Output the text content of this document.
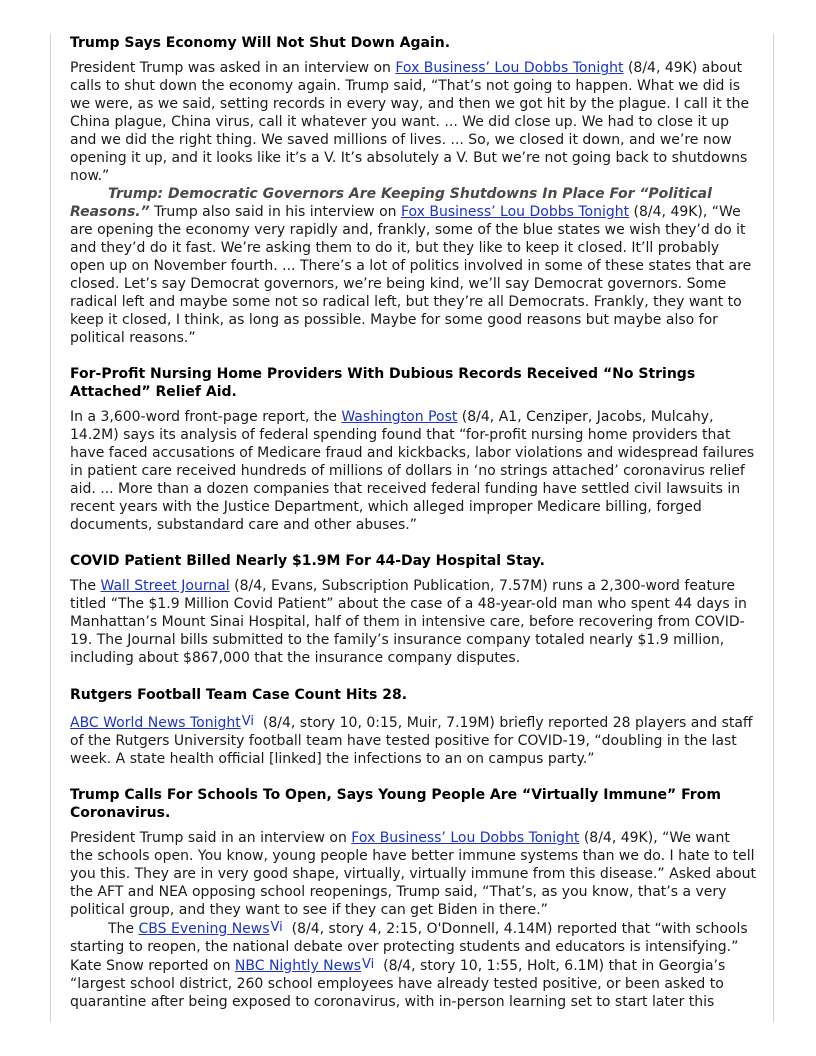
Trump Says Economy Will Not Shut Down Again.

President Trump was asked in an interview on Fox Business’ Lou Dobbs Tonight (8/4, 49K) about calls to shut down the economy again. Trump said, “That’s not going to happen. What we did is we were, as we said, setting records in every way, and then we got hit by the plague. I call it the China plague, China virus, call it whatever you want. ... We did close up. We had to close it up and we did the right thing. We saved millions of lives. ... So, we closed it down, and we’re now opening it up, and it looks like it’s a V. It’s absolutely a V. But we’re not going back to shutdowns now.”

Trump: Democratic Governors Are Keeping Shutdowns In Place For “Political Reasons.” Trump also said in his interview on Fox Business’ Lou Dobbs Tonight (8/4, 49K), “We are opening the economy very rapidly and, frankly, some of the blue states we wish they’d do it and they’d do it fast. We’re asking them to do it, but they like to keep it closed. It’ll probably open up on November fourth. ... There’s a lot of politics involved in some of these states that are closed. Let’s say Democrat governors, we’re being kind, we’ll say Democrat governors. Some radical left and maybe some not so radical left, but they’re all Democrats. Frankly, they want to keep it closed, I think, as long as possible. Maybe for some good reasons but maybe also for political reasons.”

For-Profit Nursing Home Providers With Dubious Records Received “No Strings Attached” Relief Aid.

In a 3,600-word front-page report, the Washington Post (8/4, A1, Cenziper, Jacobs, Mulcahy, 14.2M) says its analysis of federal spending found that “for-profit nursing home providers that have faced accusations of Medicare fraud and kickbacks, labor violations and widespread failures in patient care received hundreds of millions of dollars in ‘no strings attached’ coronavirus relief aid. ... More than a dozen companies that received federal funding have settled civil lawsuits in recent years with the Justice Department, which alleged improper Medicare billing, forged documents, substandard care and other abuses.”

COVID Patient Billed Nearly $1.9M For 44-Day Hospital Stay.

The Wall Street Journal (8/4, Evans, Subscription Publication, 7.57M) runs a 2,300-word feature titled “The $1.9 Million Covid Patient” about the case of a 48-year-old man who spent 44 days in Manhattan’s Mount Sinai Hospital, half of them in intensive care, before recovering from COVID-19. The Journal bills submitted to the family’s insurance company totaled nearly $1.9 million, including about $867,000 that the insurance company disputes.

Rutgers Football Team Case Count Hits 28.

ABC World News TonightVi  (8/4, story 10, 0:15, Muir, 7.19M) briefly reported 28 players and staff of the Rutgers University football team have tested positive for COVID-19, “doubling in the last week. A state health official [linked] the infections to an on campus party.”

Trump Calls For Schools To Open, Says Young People Are “Virtually Immune” From Coronavirus.

President Trump said in an interview on Fox Business’ Lou Dobbs Tonight (8/4, 49K), “We want the schools open. You know, young people have better immune systems than we do. I hate to tell you this. They are in very good shape, virtually, virtually immune from this disease.” Asked about the AFT and NEA opposing school reopenings, Trump said, “That’s, as you know, that’s a very political group, and they want to see if they can get Biden in there.”

The CBS Evening NewsVi  (8/4, story 4, 2:15, O'Donnell, 4.14M) reported that “with schools starting to reopen, the national debate over protecting students and educators is intensifying.” Kate Snow reported on NBC Nightly NewsVi  (8/4, story 10, 1:55, Holt, 6.1M) that in Georgia’s “largest school district, 260 school employees have already tested positive, or been asked to quarantine after being exposed to coronavirus, with in-person learning set to start later this
